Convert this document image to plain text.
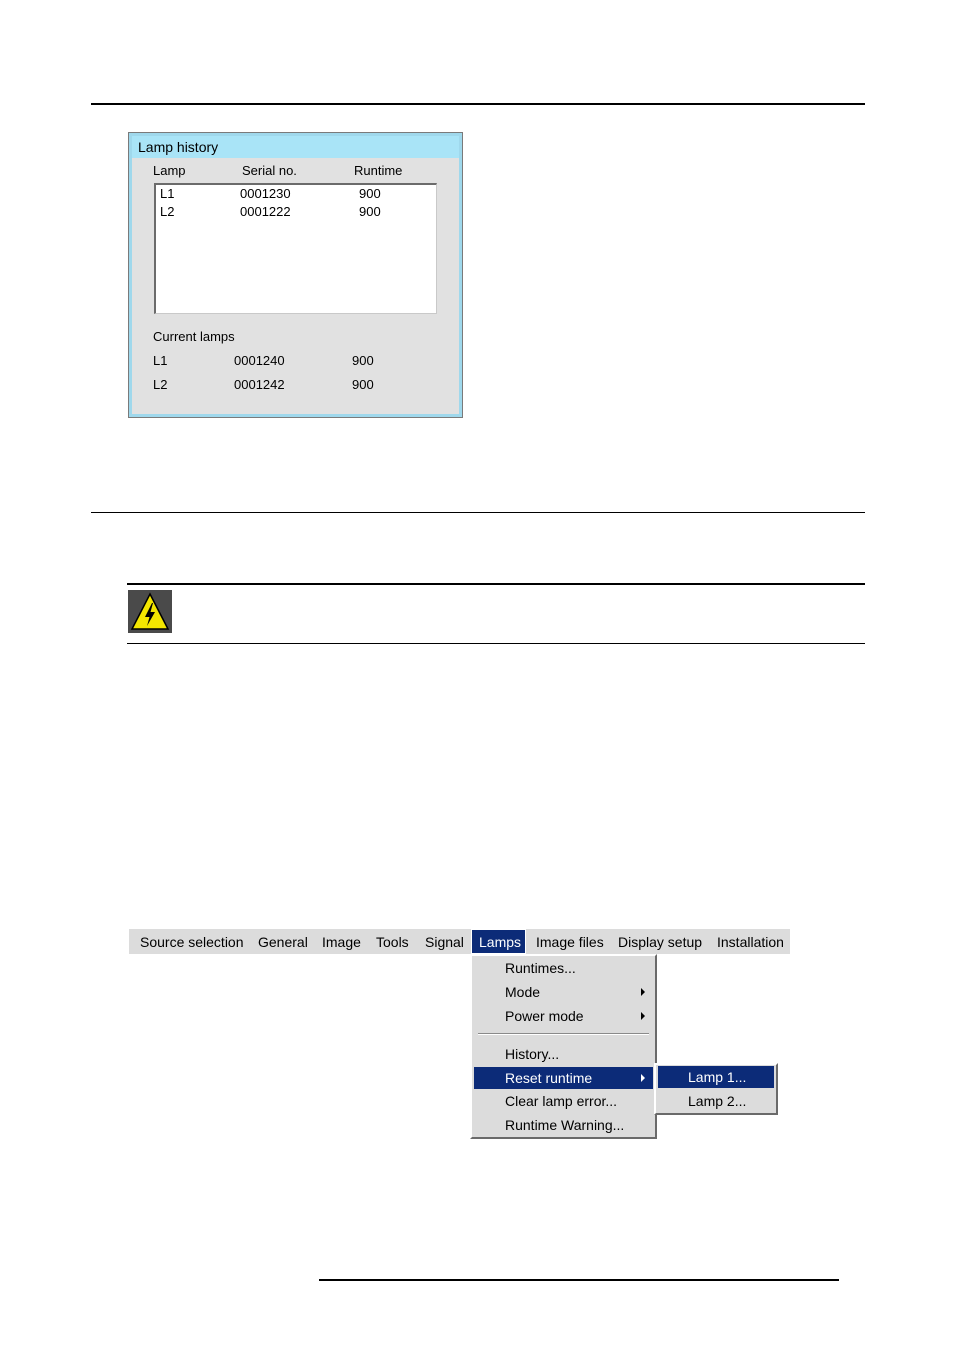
Lamp history
Lamp	Serial no.	Runtime
L1	0001230	900
L2	0001222	900
Current lamps
L1	0001240	900
L2	0001242	900
Source selection General Image Tools Signal	Lamps	Image files Display setup Installation
Runtimes...
Mode
Power mode
History...
Reset runtime
Clear lamp error...
Runtime Warning...
Lamp 1...
Lamp 2...
